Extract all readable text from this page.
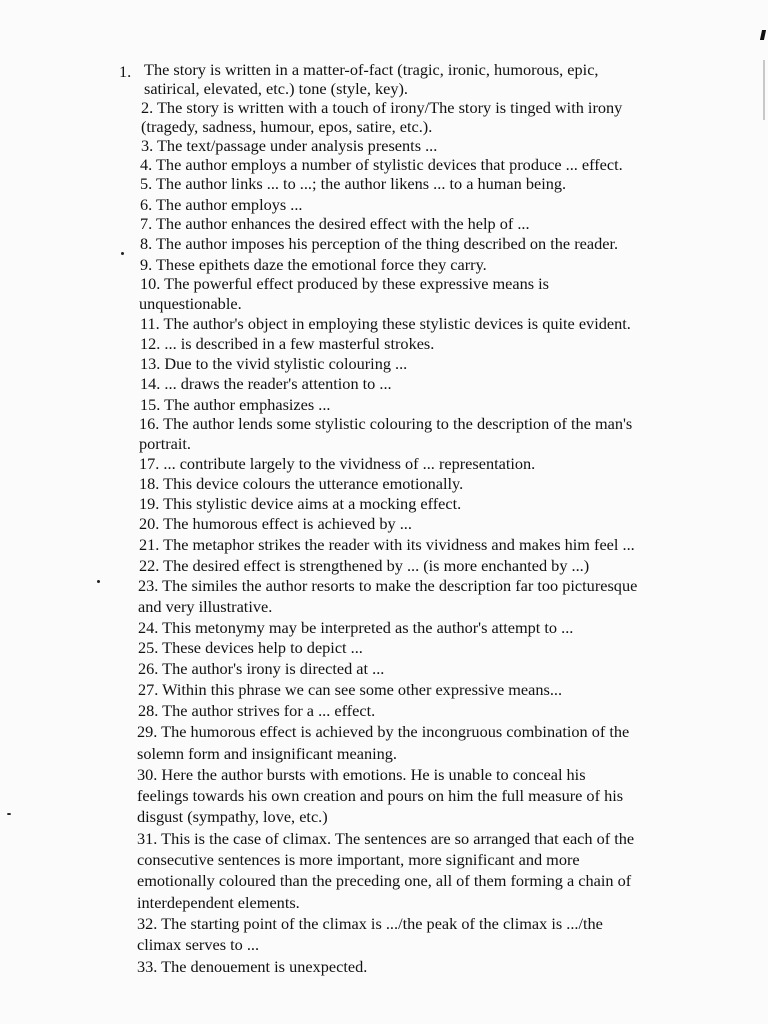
1. The story is written in a matter-of-fact (tragic, ironic, humorous, epic,
satirical, elevated, etc.) tone (style, key).
2. The story is written with a touch of irony/The story is tinged with irony
(tragedy, sadness, humour, epos, satire, etc.).
3. The text/passage under analysis presents ...
4. The author employs a number of stylistic devices that produce ... effect.
5. The author links ... to ...; the author likens ... to a human being.
6. The author employs ...
7. The author enhances the desired effect with the help of ...
8. The author imposes his perception of the thing described on the reader.
9. These epithets daze the emotional force they carry.
10. The powerful effect produced by these expressive means is
unquestionable.
11. The author's object in employing these stylistic devices is quite evident.
12. ... is described in a few masterful strokes.
13. Due to the vivid stylistic colouring ...
14. ... draws the reader's attention to ...
15. The author emphasizes ...
16. The author lends some stylistic colouring to the description of the man's
portrait.
17. ... contribute largely to the vividness of ... representation.
18. This device colours the utterance emotionally.
19. This stylistic device aims at a mocking effect.
20. The humorous effect is achieved by ...
21. The metaphor strikes the reader with its vividness and makes him feel ...
22. The desired effect is strengthened by ... (is more enchanted by ...)
23. The similes the author resorts to make the description far too picturesque
and very illustrative.
24. This metonymy may be interpreted as the author's attempt to ...
25. These devices help to depict ...
26. The author's irony is directed at ...
27. Within this phrase we can see some other expressive means...
28. The author strives for a ... effect.
29. The humorous effect is achieved by the incongruous combination of the
solemn form and insignificant meaning.
30. Here the author bursts with emotions. He is unable to conceal his
feelings towards his own creation and pours on him the full measure of his
disgust (sympathy, love, etc.)
31. This is the case of climax. The sentences are so arranged that each of the
consecutive sentences is more important, more significant and more
emotionally coloured than the preceding one, all of them forming a chain of
interdependent elements.
32. The starting point of the climax is .../the peak of the climax is .../the
climax serves to ...
33. The denouement is unexpected.
